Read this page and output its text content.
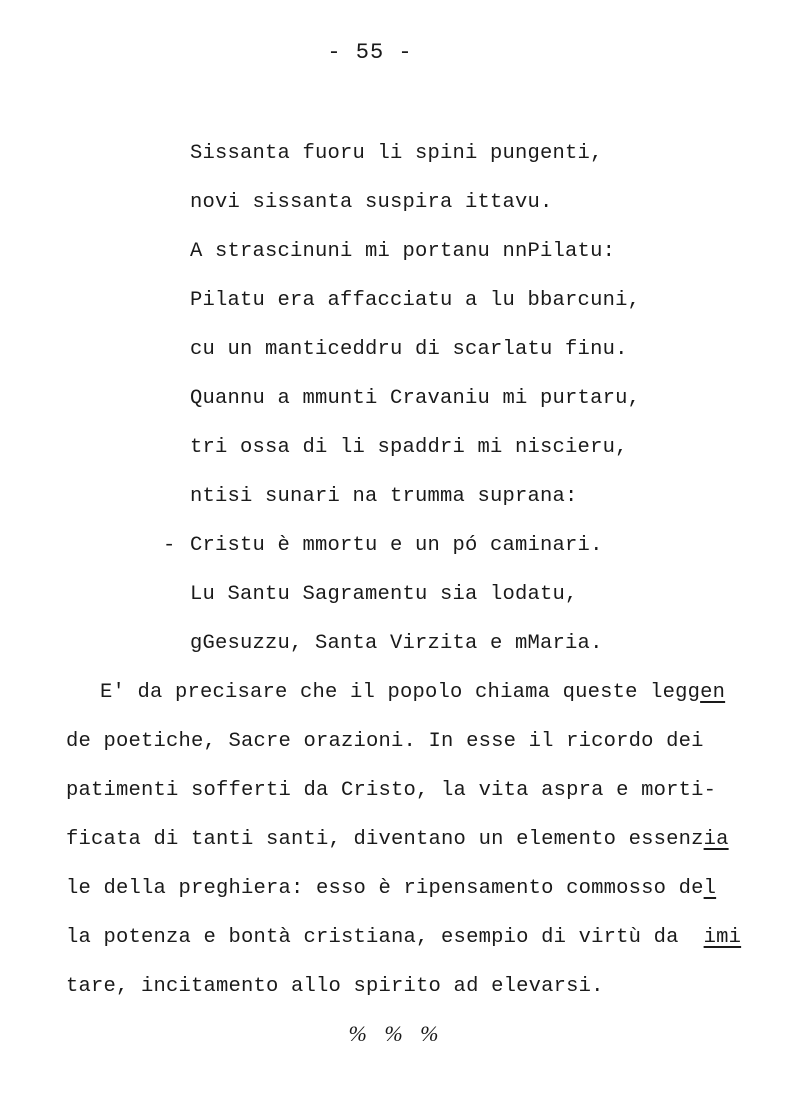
- 55 -
Sissanta fuoru li spini pungenti,
novi sissanta suspira ittavu.
A strascinuni mi portanu nnPilatu:
Pilatu era affacciatu a lu bbarcuni,
cu un manticeddru di scarlatu finu.
Quannu a mmunti Cravaniu mi purtaru,
tri ossa di li spaddri mi niscieru,
ntisi sunari na trumma suprana:
- Cristu è mmortu e un pó caminari.
Lu Santu Sagramentu sia lodatu,
gGesuzzu, Santa Virzita e mMaria.
E' da precisare che il popolo chiama queste leggen
de poetiche, Sacre orazioni. In esse il ricordo dei
patimenti sofferti da Cristo, la vita aspra e morti-
ficata di tanti santi, diventano un elemento essenzia
le della preghiera: esso è ripensamento commosso del
la potenza e bontà cristiana, esempio di virtù da  imi
tare, incitamento allo spirito ad elevarsi.
% % %
